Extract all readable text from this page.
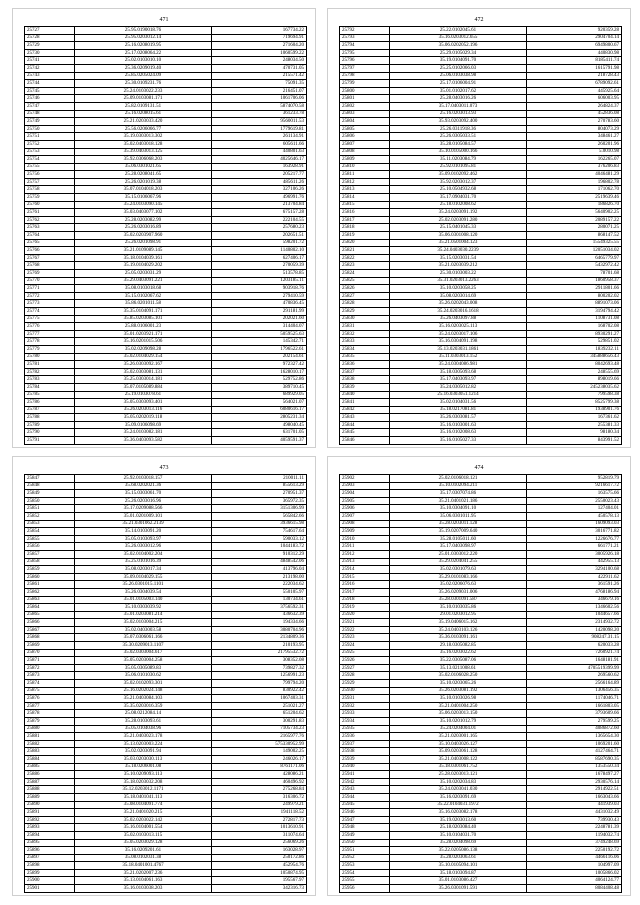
471
25727	25.95.0190018.76	167734.22
25728	25.95.0203012.14	719694.91
25729	25.16.0208019.95	271604.20
25730	25.17.0208064.22	1060599.22
25741	25.02.0103010.10	248034.50
25742	25.36.0209019.40	470731.05
25743	25.85.0205024.09	215571.42
25744	25.30.0109231.76	75091.35
25745	25.24.0103022.233	216451.07
25746	25.09.0103081.171	1061706.06
25747	25.82.0109131.51	5874070.58
25748	25.16.0208015.61	361233.78
25749	25.21.0203033.420	9560011.53
25750	25.56.0206066.77	1779619.81
25751	35.19.0303013.302	261134.91
25752	35.02.0403018.128	605611.66
25753	35.39.0403013.125	440801.63
25754	35.92.0306068.203	4025646.17
25755	35.06.0301021.65	163928.91
25756	25.28.0208041.65	205217.77
25757	25.26.0201019.38	485611.26
25758	35.07.0104018.203	327106.26
25759	35.15.0106067.96	496991.76
25760	35.24.0103090.145	213704.84
25761	35.03.0403077.102	675157.28
25762	25.28.0203082.99	222104.55
25763	25.26.0203016.89	257680.23
25764	35.02.0203907.960	202651.51
25765	25.26.0201098.91	598201.72
25766	35.21.0109089.145	1140802.10
25767	35.18.0104039.161	627406.17
25768	35.19.0104029.202	270059.39
25769	25.05.0203031.29	513578.85
25770	35.29.0403091.221	1203185.11
25771	35.08.0103018.68	903918.76
25772	35.15.0102067.62	279410.59
25773	35.86.0201011.58	470836.45
25774	35.35.0104091.171	291181.99
25775	35.85.0203085.101	202021.60
25776	25.88.0106001.23	314404.07
25777	35.01.0203921.171	5059525.63
25778	35.16.0201015.506	145342.71
25779	35.02.0209098.28	1796522.61
25780	35.02.0104029.154	202154.61
25781	35.26.0303092.167	972327.42
25782	35.02.0303081.131	1628010.17
25783	35.25.0303014.181	529752.86
25784	35.07.0105089.884	389710.45
25785	25.19.0103078.61	689929.05
25786	35.05.0303093.401	564021.07
25787	35.26.0203013.116	6080616.17
25788	35.05.0202019.118	2805231.34
25789	35.09.0106098.69	498040.45
25790	35.24.0103082.181	631701.05
25791	35.36.0403093.582	4059591.37
472
25792	25.22.0102045.61	920359.28
25793	35.16.0203012.655	2904704.14
25794	35.06.0202052.196	6949800.67
25795	25.29.0105029.34	440830.98
25796	35.19.0104091.70	8185411.74
25797	25.25.0102066.03	1615791.98
25798	25.06.0103038.98	218728.43
25799	25.17.0106004.91	6789092.61
25800	35.01.0102017.62	445925.64
25801	25.28.0403016.26	606003.95
25802	35.17.0403011.073	264824.37
25803	25.16.0203013.93	452836.08
25804	35.93.0203092.400	270783.60
25805	25.26.0311918.36	804073.29
25806	25.26.0305033.51	348461.27
25807	35.28.0105084.57	260201.96
25808	35.10.0105000.166	5.0010.98
25809	35.11.0203084.79	162265.07
25810	25.92.0101095.81	376206.83
25811	35.09.0102092.462	4046481.29
25812	35.92.0203012.37	196802.78
25813	25.10.0504932.68	171062.70
25814	35.17.0904031.70	2519639.46
25815	25.18.0102008.62	186826.70
25816	35.24.0203091.192	5640902.25
25817	25.02.0203091.280	2089157.22
25818	25.15.0401045.33	280071.25
25819	35.06.0301008.120	868147.52
25820	35.21.0501004.123	15549325.55
25821	35.24.0403030.2239	12051034.02
25822	35.15.0203031.54	6465779.97
25823	35.21.0203039.212	5432972.42
25824	25.30.0103003.22	78701.68
25825	35.31.0203013.2263	1860958.37
25826	35.10.0203058.25	2911801.66
25827	35.08.0203014.69	800202.02
25828	35.26.0202043.008	8891073.06
25829	35.24.0203016.1618	3194794.42
25830	35.26.0403097.88	1108731.08
25831	35.16.0203025.113	168702.08
25832	35.24.0203017.106	8930291.27
25833	35.16.0304091.198	529851.02
25834	35.13.0203031.1861	1839232.11
25835	35.11.0303013.152	345888656.43
25836	35.24.0304086.981	8042693.48
25837	35.18.0305093.68	248555.69
25838	35.17.0403093.97	898019.66
25839	35.24.0305012.82	245238035.62
25840	25.16.0303051.1214	799598.38
25841	35.02.0104031.56	8525799.38
25842	35.18.0217081.81	1938901.76
25843	35.26.0303081.57	167361.62
25844	35.16.0103001.63	255381.33
25845	35.16.0102008.63	98180.34
25846	35.16.0105027.33	843991.52
473
25847	25.92.0103018.157	210011.11
25848	35.68.0202021.36	855613.29
25849	35.15.0303061.70	270951.37
25850	25.26.0203016.96	365972.35
25851	35.17.0209088.566	3151306.99
25852	35.01.0201009.101	565842.66
25853	35.21.0301062.2139	3936615.98
25854	35.14.0103091.20	754617.64
25855	35.05.0103093.97	590033.12
25856	35.26.0303012.96	1044183.72
25857	35.02.0104002.204	910312.29
25858	35.25.0101016.39	4848542.06
25859	35.08.0203017.34	413796.04
25860	35.09.0104029.155	213198.00
25861	35.26.0301015.1101	222034.62
25862	35.26.0304039.54	550105.97
25863	35.01.0105003.140	130734.61
25864	35.10.0303039.92	3756592.31
25865	35.01.0203081.214	436632.39
25866	35.02.0103004.215	194334.66
25867	35.02.0403003.58	3080704.96
25868	35.07.0306061.166	2134809.36
25869	35.30.0209013.1107	210193.95
25870	35.02.0303004.617	21795532.72
25871	35.05.0203004.258	308352.08
25872	35.05.0305089.83	739827.32
25873	35.06.0101030.62	1256991.23
25874	35.02.0102093.301	799794.20
25875	25.16.0202024.148	830922.42
25876	35.21.0403084.103	1067403.31
25877	35.35.0203016.359	251021.27
25878	25.08.0212084.14	651204.62
25879	35.28.0103093.61	300291.83
25880	35.05.0104038.96	7105734.23
25881	35.21.0403023.178	2165977.76
25882	35.13.0203003.224	575330952.99
25883	35.02.0203091.94	149002.25
25884	35.03.0203030.113	246026.17
25885	35.18.0206001.08	8761171.06
25886	35.10.0209093.113	428086.21
25887	35.18.0203032.208	460496.92
25888	35.12.0203012.1171	275268.84
25889	35.18.0401041.113	316306.72
25890	35.08.0104091.774	249979.21
25891	35.21.0401020.215	1941118.52
25892	35.02.0203022.142	272817.73
25893	35.16.0104001.554	1013610.91
25894	35.02.0103013.115	311074.64
25895	35.05.0203029.128	256069.26
25896	35.16.0209201.61	163028.97
25897	35.08.0102031.38	250172.86
25898	35.18.0401001.4767	452954.76
25899	35.21.0202007.236	1050874.95
25900	35.13.0104061.163	195567.97
25901	35.16.0103038.203	342316.73
474
25902	25.02.0106018.121	952819.79
25903	35.10.0102094.211	9216617.72
25904	35.17.0307074.86	163575.66
25905	35.21.0401021.186	2550023.43
25906	35.10.0304091.10	127404.01
25907	35.06.0301011.95	450578.13
25908	35.28.0203011.128	1609093.03
25909	35.19.0207009.640	3016771.82
25910	35.28.0105011.60	1226676.77
25911	35.17.0403098.97	661771.21
25912	25.01.0303012.220	3005926.18
25913	35.29.0204041.255	442955.13
25914	35.02.0301079.63	3294100.68
25915	35.29.0101083.166	422911.62
25916	35.02.0206076.63	361591.26
25917	35.26.0209031.006	4768186.94
25918	35.28.0301091.587	346679.16
25919	35.10.0103035.86	1346602.56
25920	29.01.0203012.95	1044657.66
25921	35.19.0406015.162	2314932.72
25922	35.24.0403103.126	1420098.20
25923	35.36.0103091.161	908247.31.15
25924	29.18.0305082.85	620033.28
25925	35.16.0203022.62	7260921.74
25926	35.22.0305087.06	1648181.91
25927	35.13.0211008.61	4705519399.99
25928	35.02.0106028.250	269560.62
25929	35.10.0203065.26	2566164.89
25930	35.26.0203081.192	1306456.35
25931	35.10.0103026.98	1174046.71
25932	35.21.0401004.250	1661803.05
25933	35.06.0203013.150	3793609.66
25934	35.10.0201012.79	279599.25
25935	35.24.0204004.01	4086872.60
25936	35.21.0203001.165	1365654.30
25937	35.10.0403026.127	1069201.60
25938	35.09.0203061.128	4127464.71
25939	35.21.0403008.122	8587690.35
25940	35.18.0301061.752	1353550.34
25941	25.28.0203013.121	1678497.27
25942	35.10.0202034.83	2930576.14
25943	35.24.0203041.030	2914922.51
25944	35.16.0203091.69	1663043.66
25945	35.22.0104031.1972	441939.03
25946	35.16.0203082.178	4431032.49
25947	35.19.0203013.60	739930.43
25948	25.18.0203084.40	2248781.39
25949	35.10.0104031.70	1194032.74
25950	35.28.0204098.69	3749248.69
25951	35.22.0205086.138	2250192.72
25952	35.28.0203063.61	4466116.06
25953	35.10.0105094.101	104997.09
25954	35.18.0103094.87	1005866.02
25955	35.01.0103086.427	4064124.77
25956	35.26.0301091.591	8084408.48
